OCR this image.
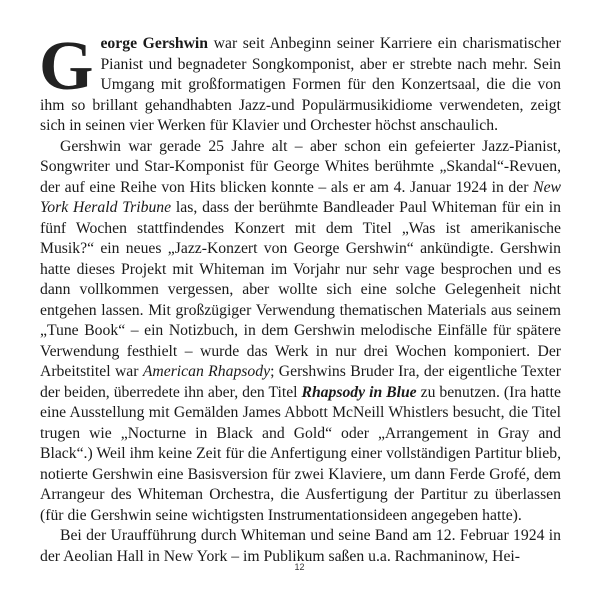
George Gershwin war seit Anbeginn seiner Karriere ein charismatischer Pianist und begnadeter Songkomponist, aber er strebte nach mehr. Sein Umgang mit großformatigen Formen für den Konzertsaal, die die von ihm so brillant gehandhabten Jazz-und Populärmusikidiome verwendeten, zeigt sich in seinen vier Werken für Klavier und Orchester höchst anschaulich.

Gershwin war gerade 25 Jahre alt – aber schon ein gefeierter Jazz-Pianist, Songwriter und Star-Komponist für George Whites berühmte „Skandal“-Revuen, der auf eine Reihe von Hits blicken konnte – als er am 4. Januar 1924 in der New York Herald Tribune las, dass der berühmte Bandleader Paul Whiteman für ein in fünf Wochen stattfindendes Konzert mit dem Titel „Was ist amerikanische Musik?“ ein neues „Jazz-Konzert von George Gershwin“ ankündigte. Gershwin hatte dieses Projekt mit Whiteman im Vorjahr nur sehr vage besprochen und es dann vollkommen vergessen, aber wollte sich eine solche Gelegenheit nicht entgehen lassen. Mit großzügiger Verwendung thematischen Materials aus seinem „Tune Book“ – ein Notizbuch, in dem Gershwin melodische Einfälle für spätere Verwendung festhielt – wurde das Werk in nur drei Wochen komponiert. Der Arbeitstitel war American Rhapsody; Gershwins Bruder Ira, der eigentliche Texter der beiden, überredete ihn aber, den Titel Rhapsody in Blue zu benutzen. (Ira hatte eine Ausstellung mit Gemälden James Abbott McNeill Whistlers besucht, die Titel trugen wie „Nocturne in Black and Gold“ oder „Arrangement in Gray and Black“.) Weil ihm keine Zeit für die Anfertigung einer vollständigen Partitur blieb, notierte Gershwin eine Basisversion für zwei Klaviere, um dann Ferde Grofé, dem Arrangeur des Whiteman Orchestra, die Ausfertigung der Partitur zu überlassen (für die Gershwin seine wichtigsten Instrumentationsideen angegeben hatte).

Bei der Uraufführung durch Whiteman und seine Band am 12. Februar 1924 in der Aeolian Hall in New York – im Publikum saßen u.a. Rachmaninow, Hei-

12
